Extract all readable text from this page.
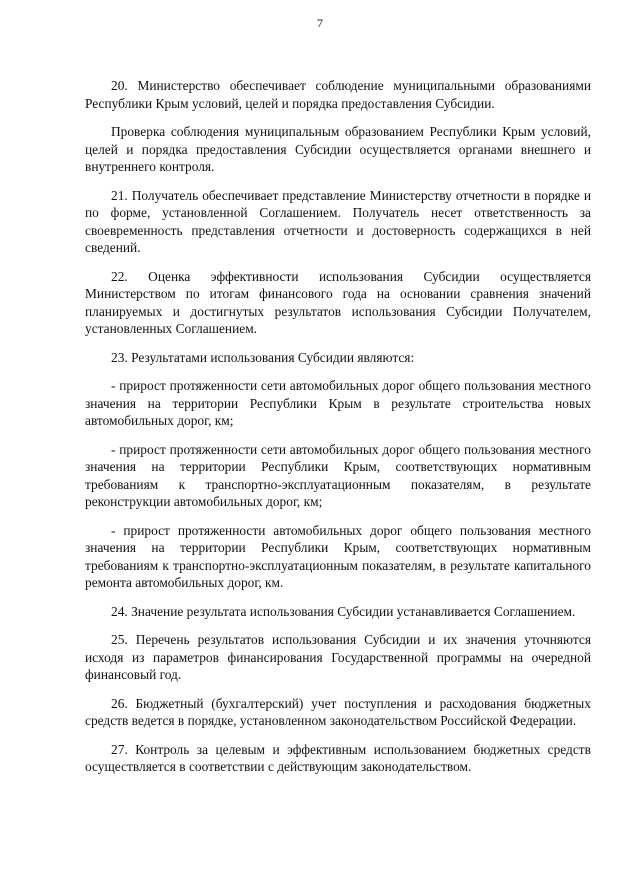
7

20. Министерство обеспечивает соблюдение муниципальными образованиями Республики Крым условий, целей и порядка предоставления Субсидии.

Проверка соблюдения муниципальным образованием Республики Крым условий, целей и порядка предоставления Субсидии осуществляется органами внешнего и внутреннего контроля.

21. Получатель обеспечивает представление Министерству отчетности в порядке и по форме, установленной Соглашением. Получатель несет ответственность за своевременность представления отчетности и достоверность содержащихся в ней сведений.

22. Оценка эффективности использования Субсидии осуществляется Министерством по итогам финансового года на основании сравнения значений планируемых и достигнутых результатов использования Субсидии Получателем, установленных Соглашением.

23. Результатами использования Субсидии являются:

- прирост протяженности сети автомобильных дорог общего пользования местного значения на территории Республики Крым в результате строительства новых автомобильных дорог, км;

- прирост протяженности сети автомобильных дорог общего пользования местного значения на территории Республики Крым, соответствующих нормативным требованиям к транспортно-эксплуатационным показателям, в результате реконструкции автомобильных дорог, км;

- прирост протяженности автомобильных дорог общего пользования местного значения на территории Республики Крым, соответствующих нормативным требованиям к транспортно-эксплуатационным показателям, в результате капитального ремонта автомобильных дорог, км.

24. Значение результата использования Субсидии устанавливается Соглашением.

25. Перечень результатов использования Субсидии и их значения уточняются исходя из параметров финансирования Государственной программы на очередной финансовый год.

26. Бюджетный (бухгалтерский) учет поступления и расходования бюджетных средств ведется в порядке, установленном законодательством Российской Федерации.

27. Контроль за целевым и эффективным использованием бюджетных средств осуществляется в соответствии с действующим законодательством.
